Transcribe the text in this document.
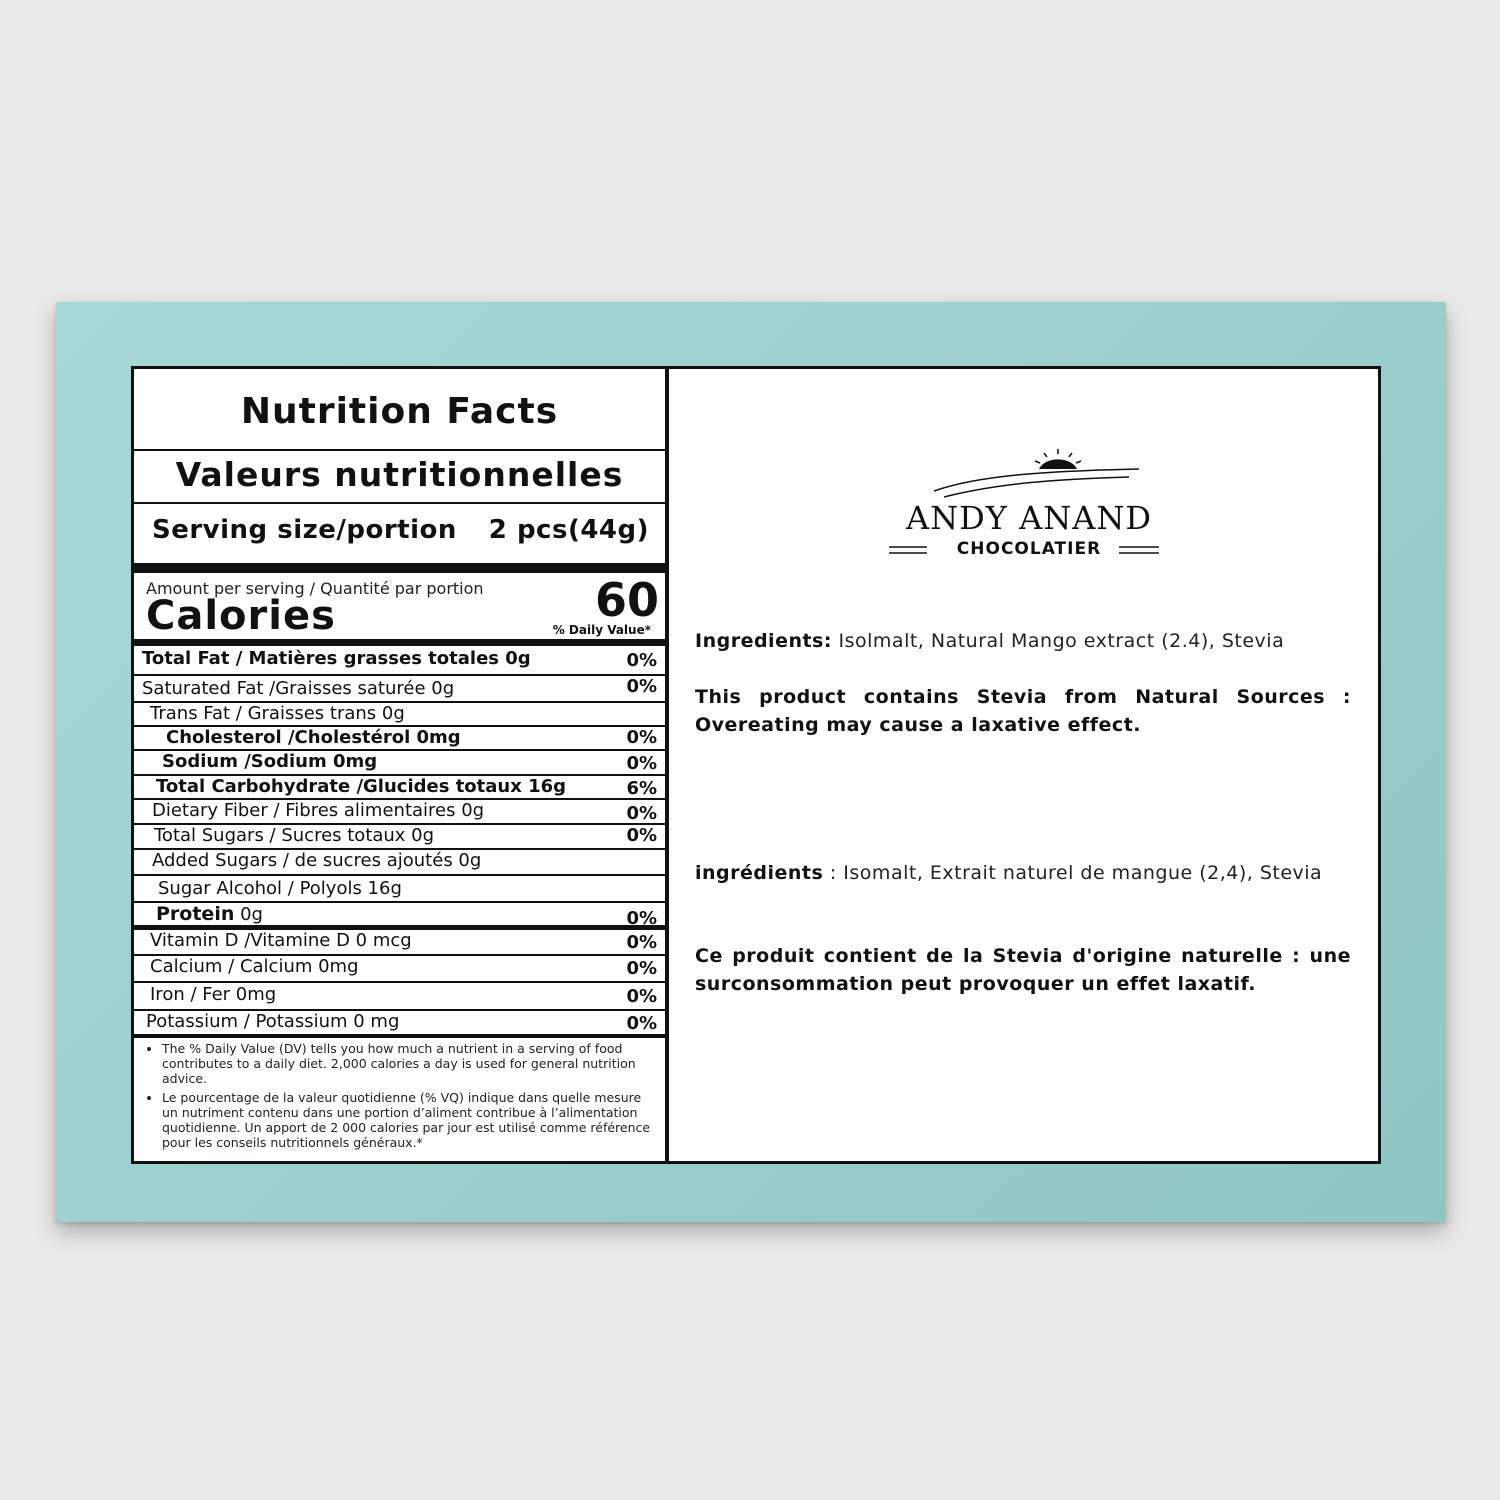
Nutrition Facts
Valeurs nutritionnelles
Serving size/portion 2 pcs(44g)
Amount per serving / Quantité par portion
Calories	60
% Daily Value*
Total Fat / Matières grasses totales 0g	0%
Saturated Fat /Graisses saturée 0g	0%
Trans Fat / Graisses trans 0g
Cholesterol /Cholestérol 0mg	0%
Sodium /Sodium 0mg	0%
Total Carbohydrate /Glucides totaux 16g	6%
Dietary Fiber / Fibres alimentaires 0g	0%
Total Sugars / Sucres totaux 0g	0%
Added Sugars / de sucres ajoutés 0g
Sugar Alcohol / Polyols 16g
Protein 0g	0%
Vitamin D /Vitamine D 0 mcg	0%
Calcium / Calcium 0mg	0%
Iron / Fer 0mg	0%
Potassium / Potassium 0 mg	0%
• The % Daily Value (DV) tells you how much a nutrient in a serving of food contributes to a daily diet. 2,000 calories a day is used for general nutrition advice.
• Le pourcentage de la valeur quotidienne (% VQ) indique dans quelle mesure un nutriment contenu dans une portion d’aliment contribue à l’alimentation quotidienne. Un apport de 2 000 calories par jour est utilisé comme référence pour les conseils nutritionnels généraux.*
ANDY ANAND
CHOCOLATIER
Ingredients: Isolmalt, Natural Mango extract (2.4), Stevia
This product contains Stevia from Natural Sources : Overeating may cause a laxative effect.
ingrédients : Isomalt, Extrait naturel de mangue (2,4), Stevia
Ce produit contient de la Stevia d'origine naturelle : une surconsommation peut provoquer un effet laxatif.
